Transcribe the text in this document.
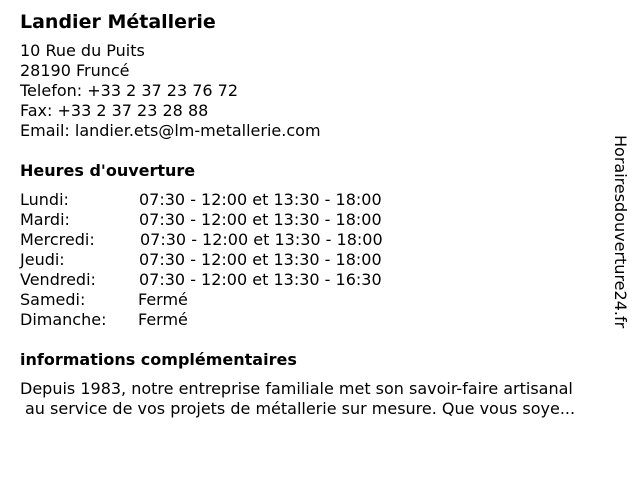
Landier Métallerie
10 Rue du Puits
28190 Fruncé
Telefon: +33 2 37 23 76 72
Fax: +33 2 37 23 28 88
Email: landier.ets@lm-metallerie.com
Heures d'ouverture
Lundi:	07:30 - 12:00 et 13:30 - 18:00
Mardi:	07:30 - 12:00 et 13:30 - 18:00
Mercredi:	07:30 - 12:00 et 13:30 - 18:00
Jeudi:	07:30 - 12:00 et 13:30 - 18:00
Vendredi:	07:30 - 12:00 et 13:30 - 16:30
Samedi:	Fermé
Dimanche: Fermé
informations complémentaires
Depuis 1983, notre entreprise familiale met son savoir-faire artisanal
au service de vos projets de métallerie sur mesure. Que vous soye...
Horairesdouverture24.fr
